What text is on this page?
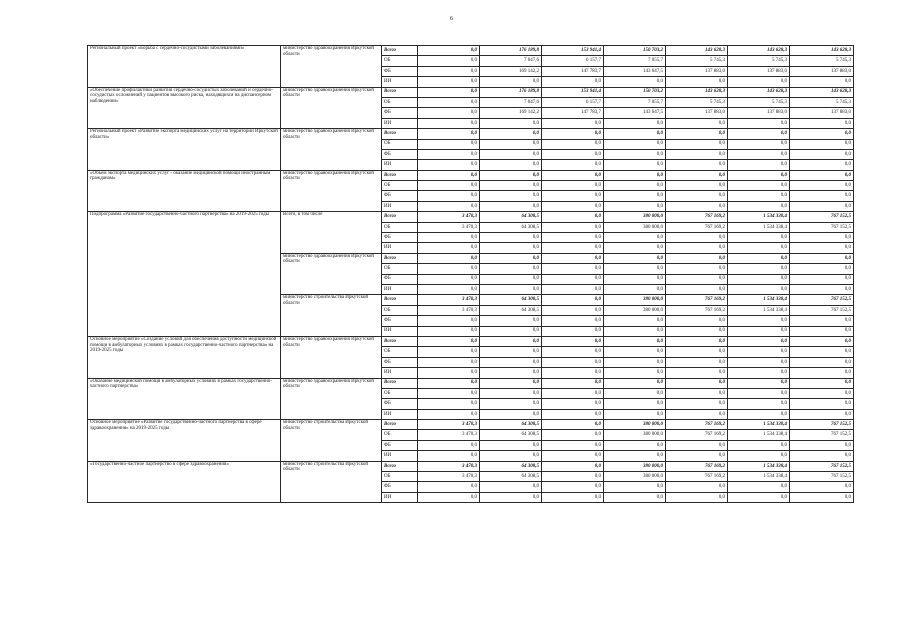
6
Региональный проект «Борьба с сердечно-сосудистыми заболеваниями»	министерство здравоохранения Иркутской области	Всего	0,0	176 189,8	153 941,4	150 703,2	143 628,3	143 628,3	143 628,3
		ОБ	0,0	7 047,6	6 157,7	7 055,7	5 745,3	5 745,3	5 745,3
		ФБ	0,0	169 142,2	147 783,7	143 647,5	137 883,0	137 883,0	137 883,0
		ИИ	0,0	0,0	0,0	0,0	0,0	0,0	0,0
«Обеспечение профилактики развития сердечно-сосудистых заболеваний и сердечно-сосудистых осложнений у пациентов высокого риска, находящихся на диспансерном наблюдении»	министерство здравоохранения Иркутской области	Всего	0,0	176 189,8	153 941,4	150 703,2	143 628,3	143 628,3	143 628,3
		ОБ	0,0	7 047,6	6 157,7	7 055,7	5 745,3	5 745,3	5 745,3
		ФБ	0,0	169 142,2	147 783,7	143 647,5	137 883,0	137 883,0	137 883,0
		ИИ	0,0	0,0	0,0	0,0	0,0	0,0	0,0
Региональный проект «Развитие экспорта медицинских услуг на территории Иркутской области»	министерство здравоохранения Иркутской области	Всего	0,0	0,0	0,0	0,0	0,0	0,0	0,0
		ОБ	0,0	0,0	0,0	0,0	0,0	0,0	0,0
		ФБ	0,0	0,0	0,0	0,0	0,0	0,0	0,0
		ИИ	0,0	0,0	0,0	0,0	0,0	0,0	0,0
«Объем экспорта медицинских услуг - оказание медицинской помощи иностранным гражданам»	министерство здравоохранения Иркутской области	Всего	0,0	0,0	0,0	0,0	0,0	0,0	0,0
		ОБ	0,0	0,0	0,0	0,0	0,0	0,0	0,0
		ФБ	0,0	0,0	0,0	0,0	0,0	0,0	0,0
		ИИ	0,0	0,0	0,0	0,0	0,0	0,0	0,0
Подпрограмма «Развитие государственно-частного партнерства» на 2019-2025 годы	Всего, в том числе	Всего	3 470,3	64 308,5	0,0	380 000,0	767 169,2	1 534 338,4	767 152,5
		ОБ	3 470,3	64 308,5	0,0	380 000,0	767 169,2	1 534 338,4	767 152,5
		ФБ	0,0	0,0	0,0	0,0	0,0	0,0	0,0
		ИИ	0,0	0,0	0,0	0,0	0,0	0,0	0,0
	министерство здравоохранения Иркутской области	Всего	0,0	0,0	0,0	0,0	0,0	0,0	0,0
		ОБ	0,0	0,0	0,0	0,0	0,0	0,0	0,0
		ФБ	0,0	0,0	0,0	0,0	0,0	0,0	0,0
		ИИ	0,0	0,0	0,0	0,0	0,0	0,0	0,0
	министерство строительства Иркутской области	Всего	3 470,3	64 308,5	0,0	380 000,0	767 169,2	1 534 338,4	767 152,5
		ОБ	3 470,3	64 308,5	0,0	380 000,0	767 169,2	1 534 338,4	767 152,5
		ФБ	0,0	0,0	0,0	0,0	0,0	0,0	0,0
		ИИ	0,0	0,0	0,0	0,0	0,0	0,0	0,0
Основное мероприятие «Создание условий для обеспечения доступности медицинской помощи в амбулаторных условиях в рамках государственно-частного партнерства» на 2019-2025 годы	министерство здравоохранения Иркутской области	Всего	0,0	0,0	0,0	0,0	0,0	0,0	0,0
		ОБ	0,0	0,0	0,0	0,0	0,0	0,0	0,0
		ФБ	0,0	0,0	0,0	0,0	0,0	0,0	0,0
		ИИ	0,0	0,0	0,0	0,0	0,0	0,0	0,0
«Оказание медицинской помощи в амбулаторных условиях в рамках государственно-частного партнерства»	министерство здравоохранения Иркутской области	Всего	0,0	0,0	0,0	0,0	0,0	0,0	0,0
		ОБ	0,0	0,0	0,0	0,0	0,0	0,0	0,0
		ФБ	0,0	0,0	0,0	0,0	0,0	0,0	0,0
		ИИ	0,0	0,0	0,0	0,0	0,0	0,0	0,0
Основное мероприятие «Развитие государственно-частного партнерства в сфере здравоохранения» на 2019-2025 годы	министерство строительства Иркутской области	Всего	3 470,3	64 308,5	0,0	380 000,0	767 169,2	1 534 338,4	767 152,5
		ОБ	3 470,3	64 308,5	0,0	380 000,0	767 169,2	1 534 338,4	767 152,5
		ФБ	0,0	0,0	0,0	0,0	0,0	0,0	0,0
		ИИ	0,0	0,0	0,0	0,0	0,0	0,0	0,0
«Государственно-частное партнерство в сфере здравоохранения»	министерство строительства Иркутской области	Всего	3 470,3	64 308,5	0,0	380 000,0	767 169,2	1 534 338,4	767 152,5
		ОБ	3 470,3	64 308,5	0,0	380 000,0	767 169,2	1 534 338,4	767 152,5
		ФБ	0,0	0,0	0,0	0,0	0,0	0,0	0,0
		ИИ	0,0	0,0	0,0	0,0	0,0	0,0	0,0
